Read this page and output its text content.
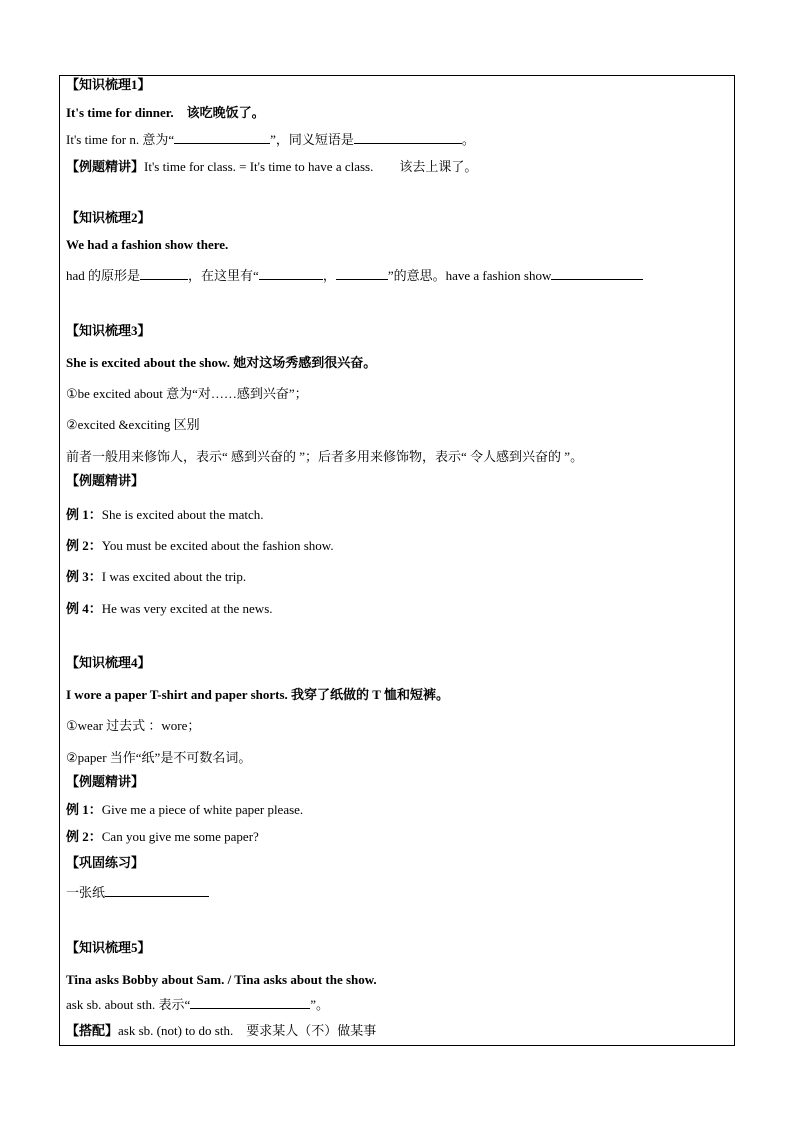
【知识梳理1】
It's time for dinner.　该吃晚饭了。
It's time for n. 意为“	”，同义短语是	。
【例题精讲】It's time for class. = It's time to have a class.　　该去上课了。
【知识梳理2】
We had a fashion show there.
had 的原形是	，在这里有“	，	”的意思。have a fashion show
【知识梳理3】
She is excited about the show. 她对这场秀感到很兴奋。
①be excited about 意为“对……感到兴奋”；
②excited &exciting 区别
前者一般用来修饰人，表示“ 感到兴奋的 ”；后者多用来修饰物，表示“ 令人感到兴奋的 ”。
【例题精讲】
例 1：She is excited about the match.
例 2：You must be excited about the fashion show.
例 3：I was excited about the trip.
例 4：He was very excited at the news.
【知识梳理4】
I wore a paper T-shirt and paper shorts. 我穿了纸做的 T 恤和短裤。
①wear 过去式 ：wore；
②paper 当作“纸”是不可数名词。
【例题精讲】
例 1：Give me a piece of white paper please.
例 2：Can you give me some paper?
【巩固练习】
一张纸
【知识梳理5】
Tina asks Bobby about Sam. / Tina asks about the show.
ask sb. about sth. 表示“	”。
【搭配】ask sb. (not) to do sth.　要求某人（不）做某事
